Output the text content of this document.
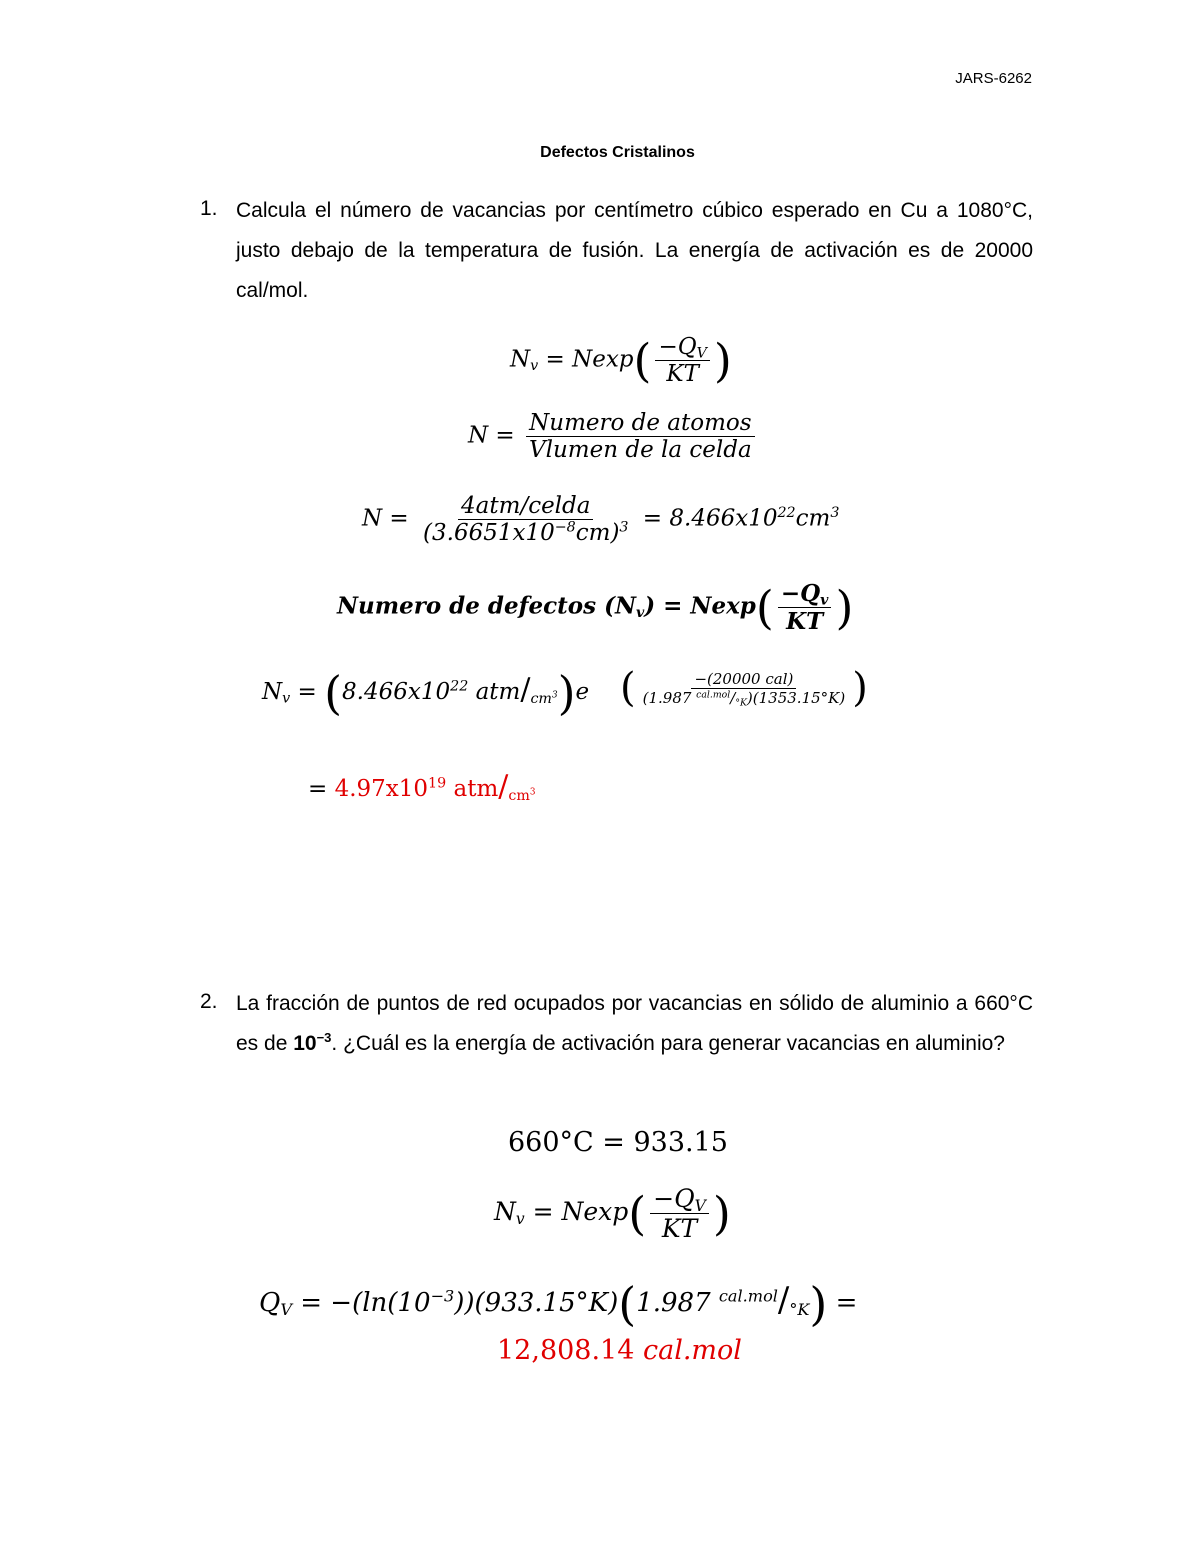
JARS-6262
Defectos Cristalinos
1. Calcula el número de vacancias por centímetro cúbico esperado en Cu a 1080°C, justo debajo de la temperatura de fusión. La energía de activación es de 20000 cal/mol.
$N_v = Nexp( \frac{-Q_V}{KT}$ )
$N = \frac{\text{Numero de atomos}}{\text{Vlumen de la celda}}$
$N = \frac{\text{4atm/celda}}{(3.6651x10^{-8}cm)^3} = 8.466x10^{22}cm^3$
Numero de defectos $(N_v) = Nexp( \frac{-Q_v}{KT}$ )
$N_v = (8.466x10^{22}$ atm/$_{cm^3})e$ ( $\frac{\text{−(20000 cal)}}{(1.987 ^{cal.mol}/_{^\circ K})(1353.15^\circ K)}$ )
= $4.97x10^{19}$ atm/$_{cm^3}$
2. La fracción de puntos de red ocupados por vacancias en sólido de aluminio a 660°C es de $10^{-3}$. ¿Cuál es la energía de activación para generar vacancias en aluminio?
660°C = 933.15
$N_v = Nexp( \frac{-Q_V}{KT}$ )
$Q_V = -(\ln(10^{-3}))(933.15^\circ K)(1.987$ $^{cal.mol}/_{^\circ K}$) =
12,808.14 cal.mol
